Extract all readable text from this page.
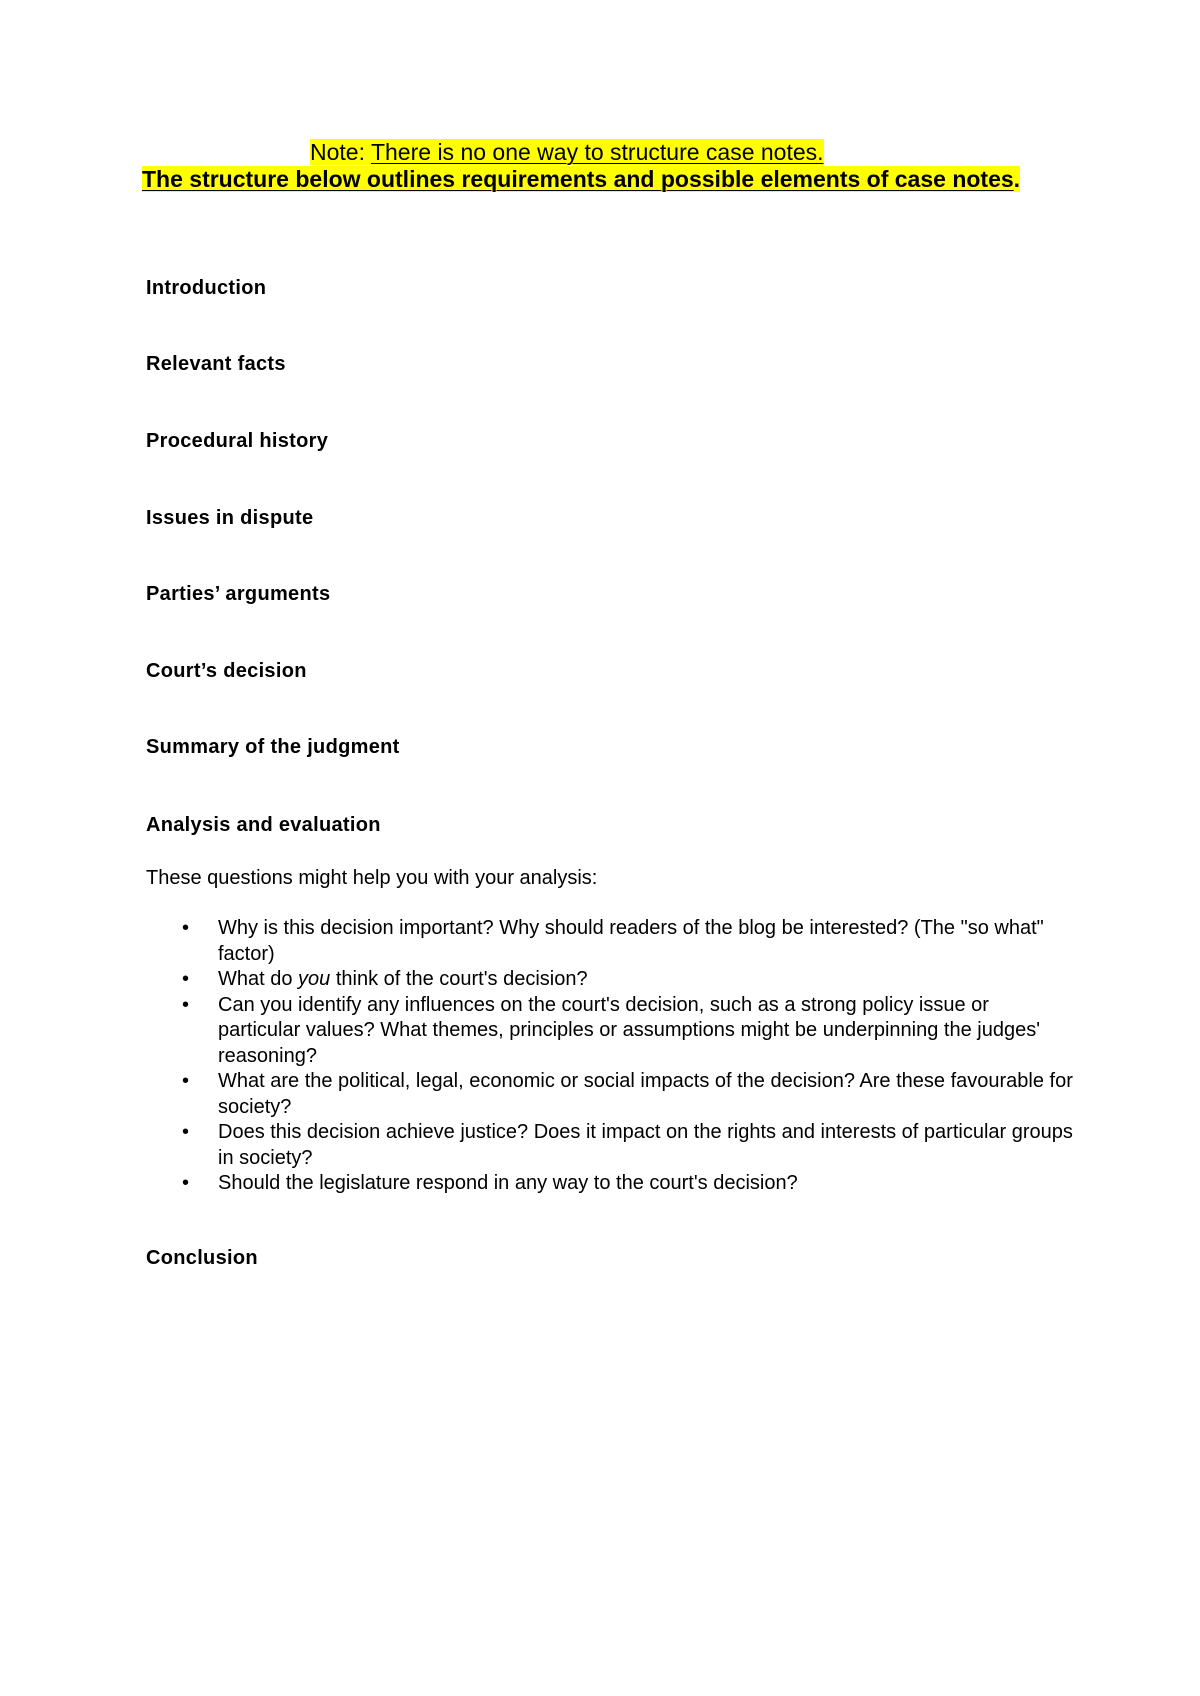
Note: There is no one way to structure case notes.
The structure below outlines requirements and possible elements of case notes.
Introduction
Relevant facts
Procedural history
Issues in dispute
Parties’ arguments
Court’s decision
Summary of the judgment
Analysis and evaluation
These questions might help you with your analysis:
• Why is this decision important? Why should readers of the blog be interested? (The "so what" factor)
• What do you think of the court's decision?
• Can you identify any influences on the court's decision, such as a strong policy issue or particular values? What themes, principles or assumptions might be underpinning the judges' reasoning?
• What are the political, legal, economic or social impacts of the decision? Are these favourable for society?
• Does this decision achieve justice? Does it impact on the rights and interests of particular groups in society?
• Should the legislature respond in any way to the court's decision?
Conclusion
